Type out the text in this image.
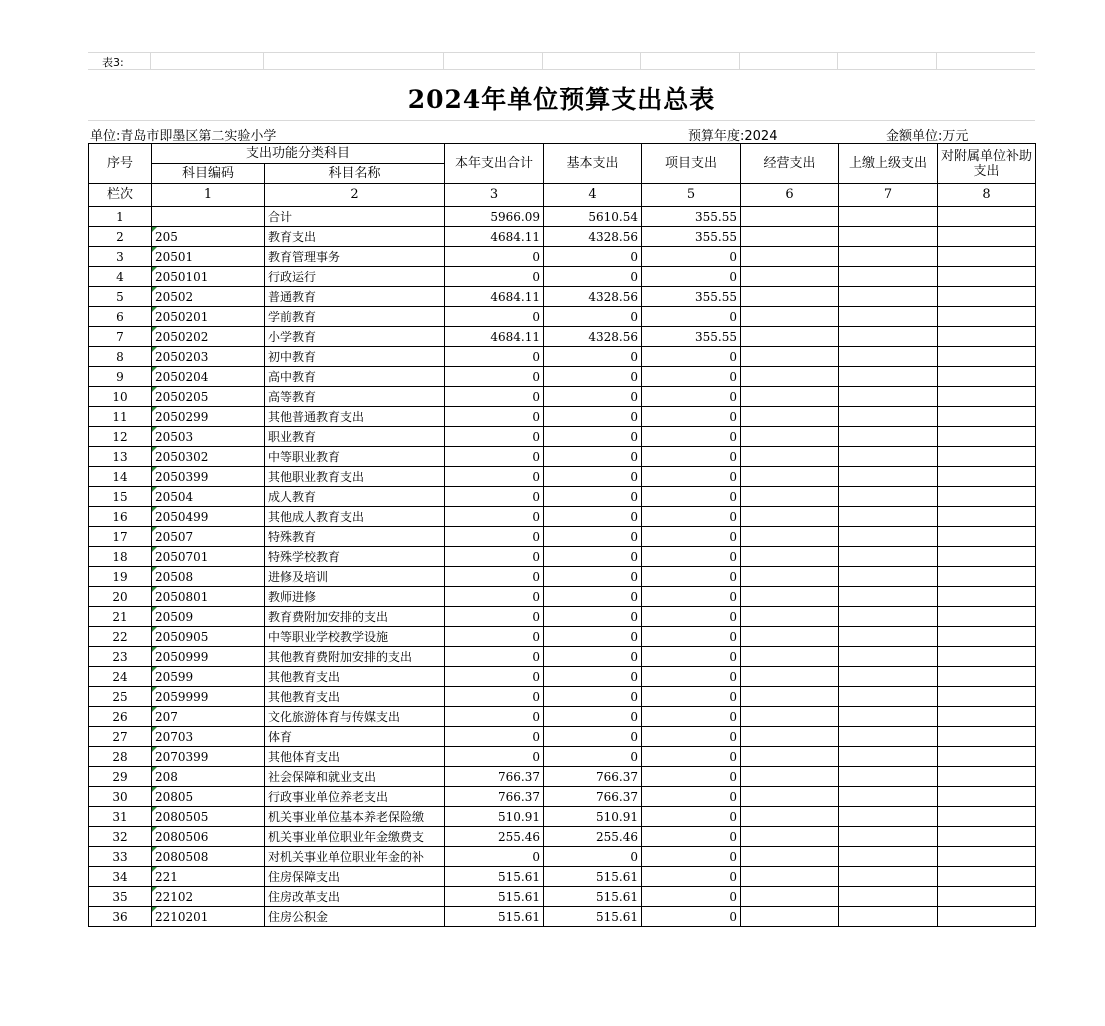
表3:
2024年单位预算支出总表
单位:青岛市即墨区第二实验小学	预算年度:2024	金额单位:万元
序号	支出功能分类科目		本年支出合计	基本支出	项目支出	经营支出	上缴上级支出	对附属单位补助支出
	科目编码	科目名称						
栏次	1	2	3	4	5	6	7	8
1		合计	5966.09	5610.54	355.55			
2	205	教育支出	4684.11	4328.56	355.55			
3	20501	教育管理事务	0	0	0			
4	2050101	行政运行	0	0	0			
5	20502	普通教育	4684.11	4328.56	355.55			
6	2050201	学前教育	0	0	0			
7	2050202	小学教育	4684.11	4328.56	355.55			
8	2050203	初中教育	0	0	0			
9	2050204	高中教育	0	0	0			
10	2050205	高等教育	0	0	0			
11	2050299	其他普通教育支出	0	0	0			
12	20503	职业教育	0	0	0			
13	2050302	中等职业教育	0	0	0			
14	2050399	其他职业教育支出	0	0	0			
15	20504	成人教育	0	0	0			
16	2050499	其他成人教育支出	0	0	0			
17	20507	特殊教育	0	0	0			
18	2050701	特殊学校教育	0	0	0			
19	20508	进修及培训	0	0	0			
20	2050801	教师进修	0	0	0			
21	20509	教育费附加安排的支出	0	0	0			
22	2050905	中等职业学校教学设施	0	0	0			
23	2050999	其他教育费附加安排的支出	0	0	0			
24	20599	其他教育支出	0	0	0			
25	2059999	其他教育支出	0	0	0			
26	207	文化旅游体育与传媒支出	0	0	0			
27	20703	体育	0	0	0			
28	2070399	其他体育支出	0	0	0			
29	208	社会保障和就业支出	766.37	766.37	0			
30	20805	行政事业单位养老支出	766.37	766.37	0			
31	2080505	机关事业单位基本养老保险缴	510.91	510.91	0			
32	2080506	机关事业单位职业年金缴费支	255.46	255.46	0			
33	2080508	对机关事业单位职业年金的补	0	0	0			
34	221	住房保障支出	515.61	515.61	0			
35	22102	住房改革支出	515.61	515.61	0			
36	2210201	住房公积金	515.61	515.61	0			
